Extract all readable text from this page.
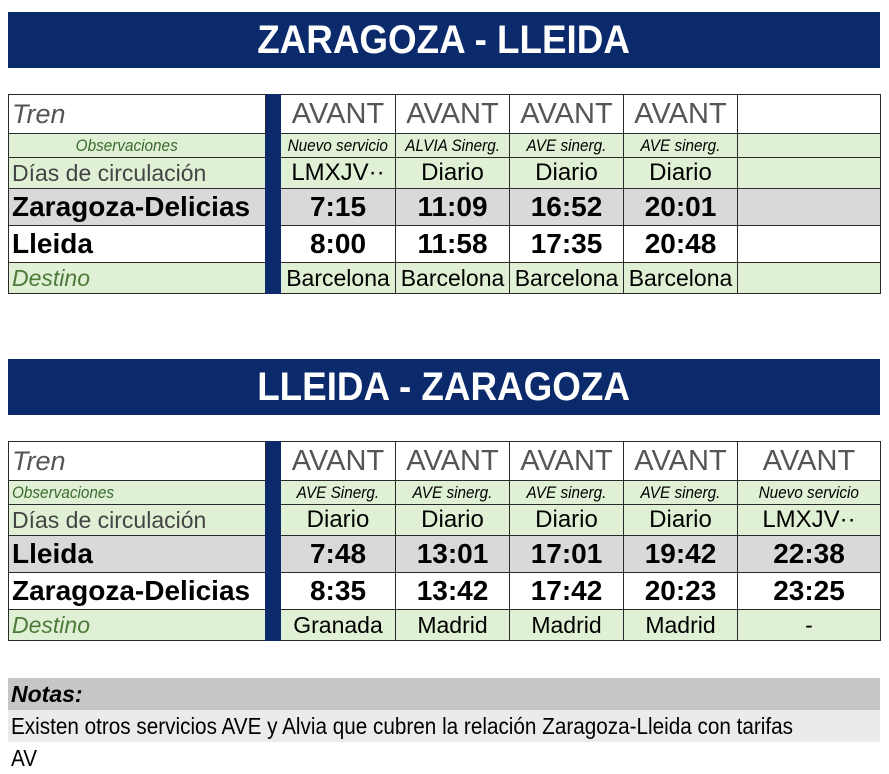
ZARAGOZA - LLEIDA
Tren		AVANT	AVANT	AVANT	AVANT	
Observaciones		Nuevo servicio	ALVIA Sinerg.	AVE sinerg.	AVE sinerg.	
Días de circulación		LMXJV··	Diario	Diario	Diario	
Zaragoza-Delicias		7:15	11:09	16:52	20:01	
Lleida		8:00	11:58	17:35	20:48	
Destino		Barcelona	Barcelona	Barcelona	Barcelona	
LLEIDA - ZARAGOZA
Tren		AVANT	AVANT	AVANT	AVANT	AVANT
Observaciones		AVE Sinerg.	AVE sinerg.	AVE sinerg.	AVE sinerg.	Nuevo servicio
Días de circulación		Diario	Diario	Diario	Diario	LMXJV··
Lleida		7:48	13:01	17:01	19:42	22:38
Zaragoza-Delicias		8:35	13:42	17:42	20:23	23:25
Destino		Granada	Madrid	Madrid	Madrid	-
Notas:
Existen otros servicios AVE y Alvia que cubren la relación Zaragoza-Lleida con tarifas AV
